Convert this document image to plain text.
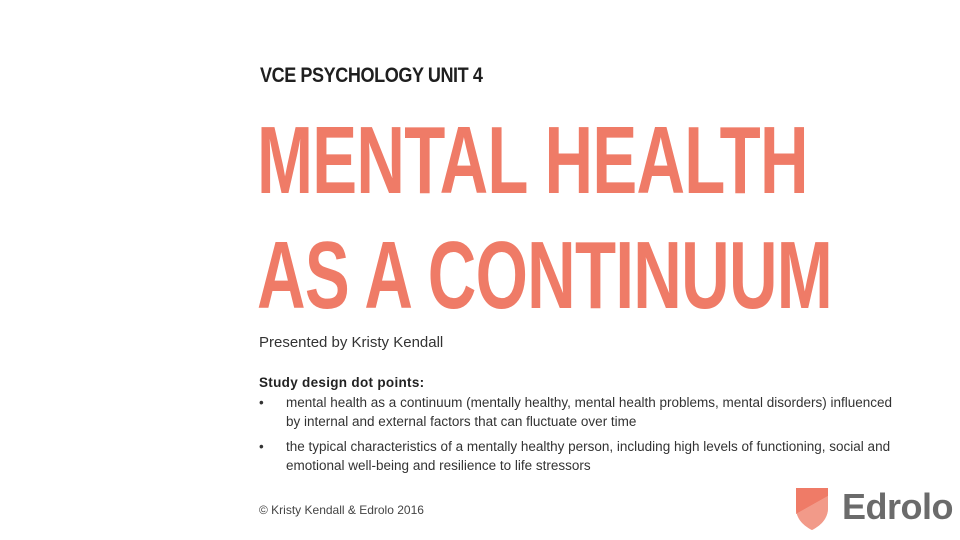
VCE PSYCHOLOGY UNIT 4
MENTAL HEALTH
AS A CONTINUUM
Presented by Kristy Kendall
Study design dot points:
• mental health as a continuum (mentally healthy, mental health problems, mental disorders) influenced by internal and external factors that can fluctuate over time
• the typical characteristics of a mentally healthy person, including high levels of functioning, social and emotional well-being and resilience to life stressors
© Kristy Kendall & Edrolo 2016	Edrolo
